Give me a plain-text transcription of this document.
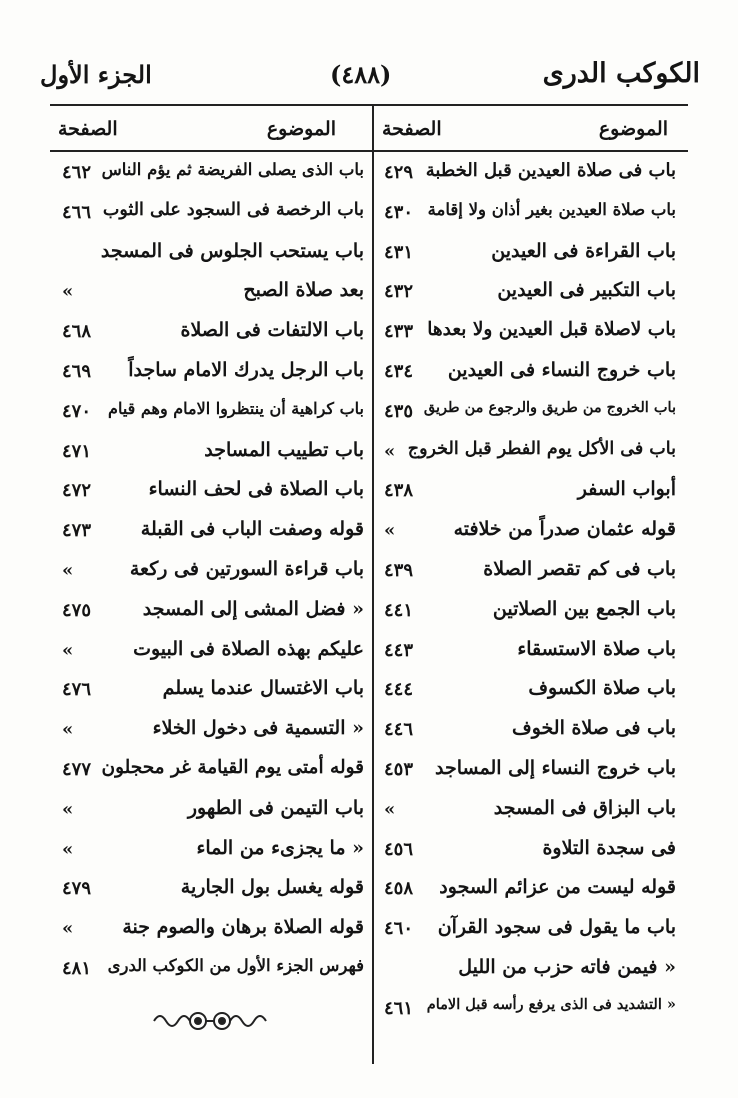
الكوكب الدرى
(٤٨٨)
الجزء الأول
الموضوع
الصفحة
الموضوع
الصفحة
باب فى صلاة العيدين قبل الخطبة
٤٢٩
باب صلاة العيدين بغير أذان ولا إقامة
٤٣٠
باب القراءة فى العيدين
٤٣١
باب التكبير فى العيدين
٤٣٢
باب لاصلاة قبل العيدين ولا بعدها
٤٣٣
باب خروج النساء فى العيدين
٤٣٤
باب الخروج من طريق والرجوع من طريق
٤٣٥
باب فى الأكل يوم الفطر قبل الخروج
»
أبواب السفر
٤٣٨
قوله عثمان صدراً من خلافته
»
باب فى كم تقصر الصلاة
٤٣٩
باب الجمع بين الصلاتين
٤٤١
باب صلاة الاستسقاء
٤٤٣
باب صلاة الكسوف
٤٤٤
باب فى صلاة الخوف
٤٤٦
باب خروج النساء إلى المساجد
٤٥٣
باب البزاق فى المسجد
»
فى سجدة التلاوة
٤٥٦
قوله ليست من عزائم السجود
٤٥٨
باب ما يقول فى سجود القرآن
٤٦٠
« فيمن فاته حزب من الليل
« التشديد فى الذى يرفع رأسه قبل الامام
٤٦١
باب الذى يصلى الفريضة ثم يؤم الناس
٤٦٢
باب الرخصة فى السجود على الثوب
٤٦٦
باب يستحب الجلوس فى المسجد
بعد صلاة الصبح
»
باب الالتفات فى الصلاة
٤٦٨
باب الرجل يدرك الامام ساجداً
٤٦٩
باب كراهية أن ينتظروا الامام وهم قيام
٤٧٠
باب تطييب المساجد
٤٧١
باب الصلاة فى لحف النساء
٤٧٢
قوله وصفت الباب فى القبلة
٤٧٣
باب قراءة السورتين فى ركعة
»
« فضل المشى إلى المسجد
٤٧٥
عليكم بهذه الصلاة فى البيوت
»
باب الاغتسال عندما يسلم
٤٧٦
« التسمية فى دخول الخلاء
»
قوله أمتى يوم القيامة غر محجلون
٤٧٧
باب التيمن فى الطهور
»
« ما يجزىء من الماء
»
قوله يغسل بول الجارية
٤٧٩
قوله الصلاة برهان والصوم جنة
»
فهرس الجزء الأول من الكوكب الدرى
٤٨١
